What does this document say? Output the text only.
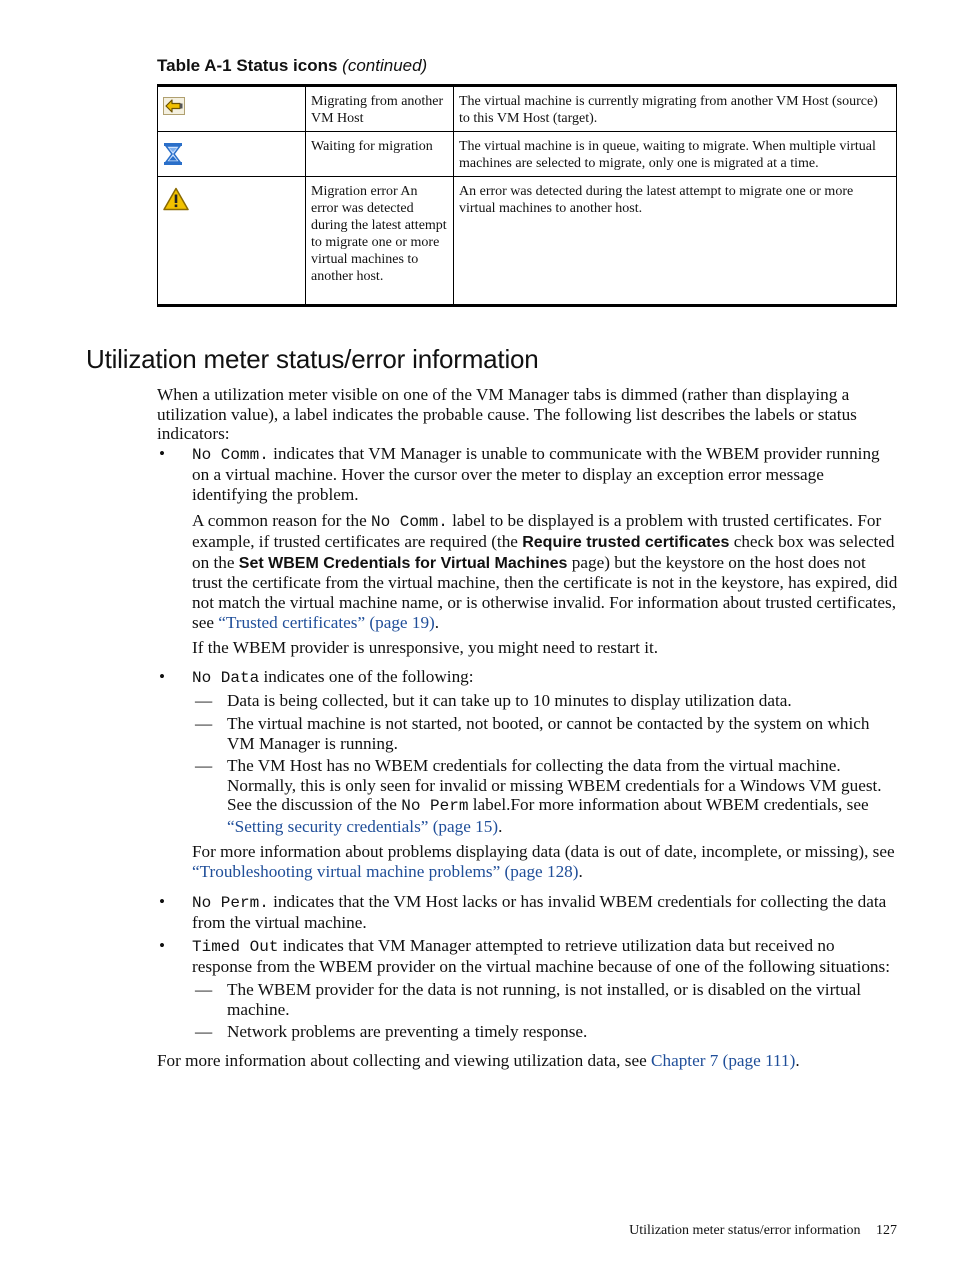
Table A-1 Status icons (continued)
	Migrating from another VM Host	The virtual machine is currently migrating from another VM Host (source) to this VM Host (target).
	Waiting for migration	The virtual machine is in queue, waiting to migrate. When multiple virtual machines are selected to migrate, only one is migrated at a time.
	Migration error An error was detected during the latest attempt to migrate one or more virtual machines to another host.	An error was detected during the latest attempt to migrate one or more virtual machines to another host.
Utilization meter status/error information

When a utilization meter visible on one of the VM Manager tabs is dimmed (rather than displaying a utilization value), a label indicates the probable cause. The following list describes the labels or status indicators:

• No Comm. indicates that VM Manager is unable to communicate with the WBEM provider running on a virtual machine. Hover the cursor over the meter to display an exception error message identifying the problem.

A common reason for the No Comm. label to be displayed is a problem with trusted certificates. For example, if trusted certificates are required (the Require trusted certificates check box was selected on the Set WBEM Credentials for Virtual Machines page) but the keystore on the host does not trust the certificate from the virtual machine, then the certificate is not in the keystore, has expired, did not match the virtual machine name, or is otherwise invalid. For information about trusted certificates, see “Trusted certificates” (page 19).

If the WBEM provider is unresponsive, you might need to restart it.

• No Data indicates one of the following:

— Data is being collected, but it can take up to 10 minutes to display utilization data.

— The virtual machine is not started, not booted, or cannot be contacted by the system on which VM Manager is running.

— The VM Host has no WBEM credentials for collecting the data from the virtual machine. Normally, this is only seen for invalid or missing WBEM credentials for a Windows VM guest. See the discussion of the No Perm label.For more information about WBEM credentials, see “Setting security credentials” (page 15).

For more information about problems displaying data (data is out of date, incomplete, or missing), see “Troubleshooting virtual machine problems” (page 128).

• No Perm. indicates that the VM Host lacks or has invalid WBEM credentials for collecting the data from the virtual machine.

• Timed Out indicates that VM Manager attempted to retrieve utilization data but received no response from the WBEM provider on the virtual machine because of one of the following situations:

— The WBEM provider for the data is not running, is not installed, or is disabled on the virtual machine.

— Network problems are preventing a timely response.

For more information about collecting and viewing utilization data, see Chapter 7 (page 111).

Utilization meter status/error information 127
